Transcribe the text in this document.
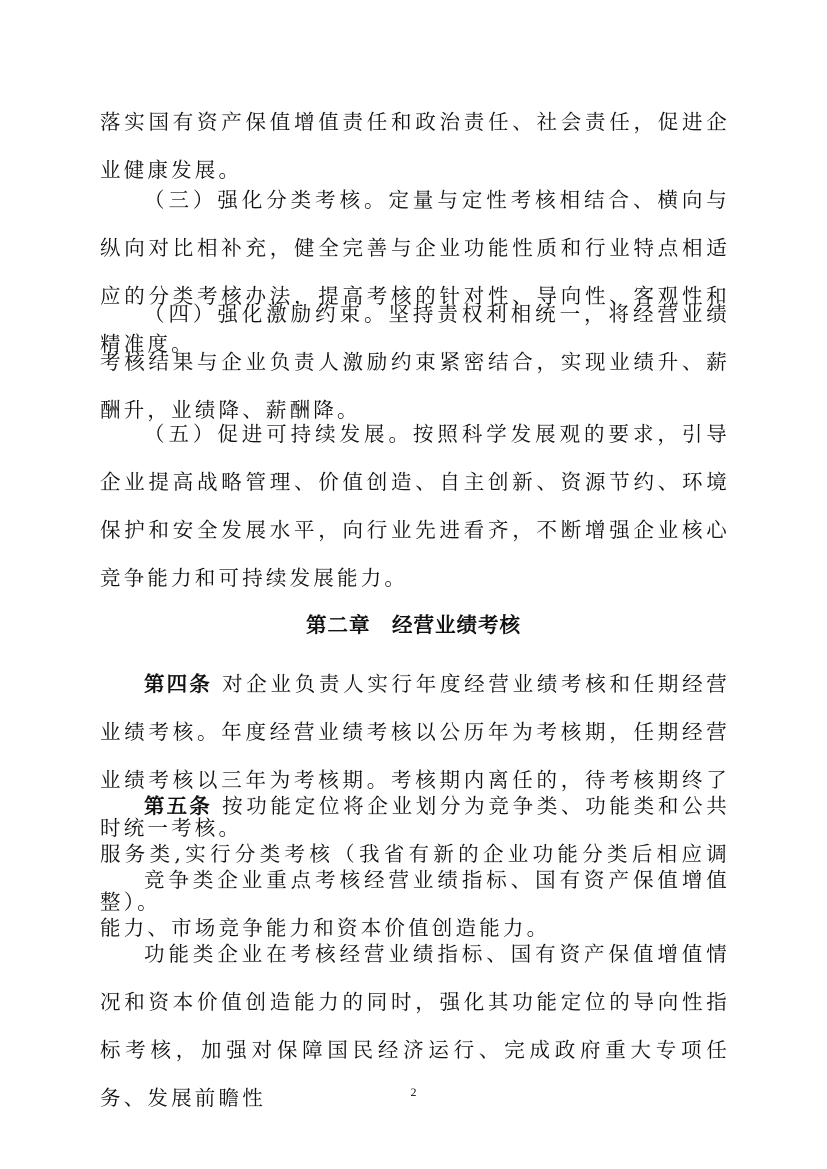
落实国有资产保值增值责任和政治责任、社会责任，促进企业健康发展。
（三）强化分类考核。定量与定性考核相结合、横向与纵向对比相补充，健全完善与企业功能性质和行业特点相适应的分类考核办法，提高考核的针对性、导向性、客观性和精准度。
（四）强化激励约束。坚持责权利相统一，将经营业绩考核结果与企业负责人激励约束紧密结合，实现业绩升、薪酬升，业绩降、薪酬降。
（五）促进可持续发展。按照科学发展观的要求，引导企业提高战略管理、价值创造、自主创新、资源节约、环境保护和安全发展水平，向行业先进看齐，不断增强企业核心竞争能力和可持续发展能力。
第二章　经营业绩考核
第四条 对企业负责人实行年度经营业绩考核和任期经营业绩考核。年度经营业绩考核以公历年为考核期，任期经营业绩考核以三年为考核期。考核期内离任的，待考核期终了时统一考核。
第五条 按功能定位将企业划分为竞争类、功能类和公共服务类,实行分类考核（我省有新的企业功能分类后相应调整）。
竞争类企业重点考核经营业绩指标、国有资产保值增值能力、市场竞争能力和资本价值创造能力。
功能类企业在考核经营业绩指标、国有资产保值增值情况和资本价值创造能力的同时，强化其功能定位的导向性指标考核，加强对保障国民经济运行、完成政府重大专项任务、发展前瞻性	2
